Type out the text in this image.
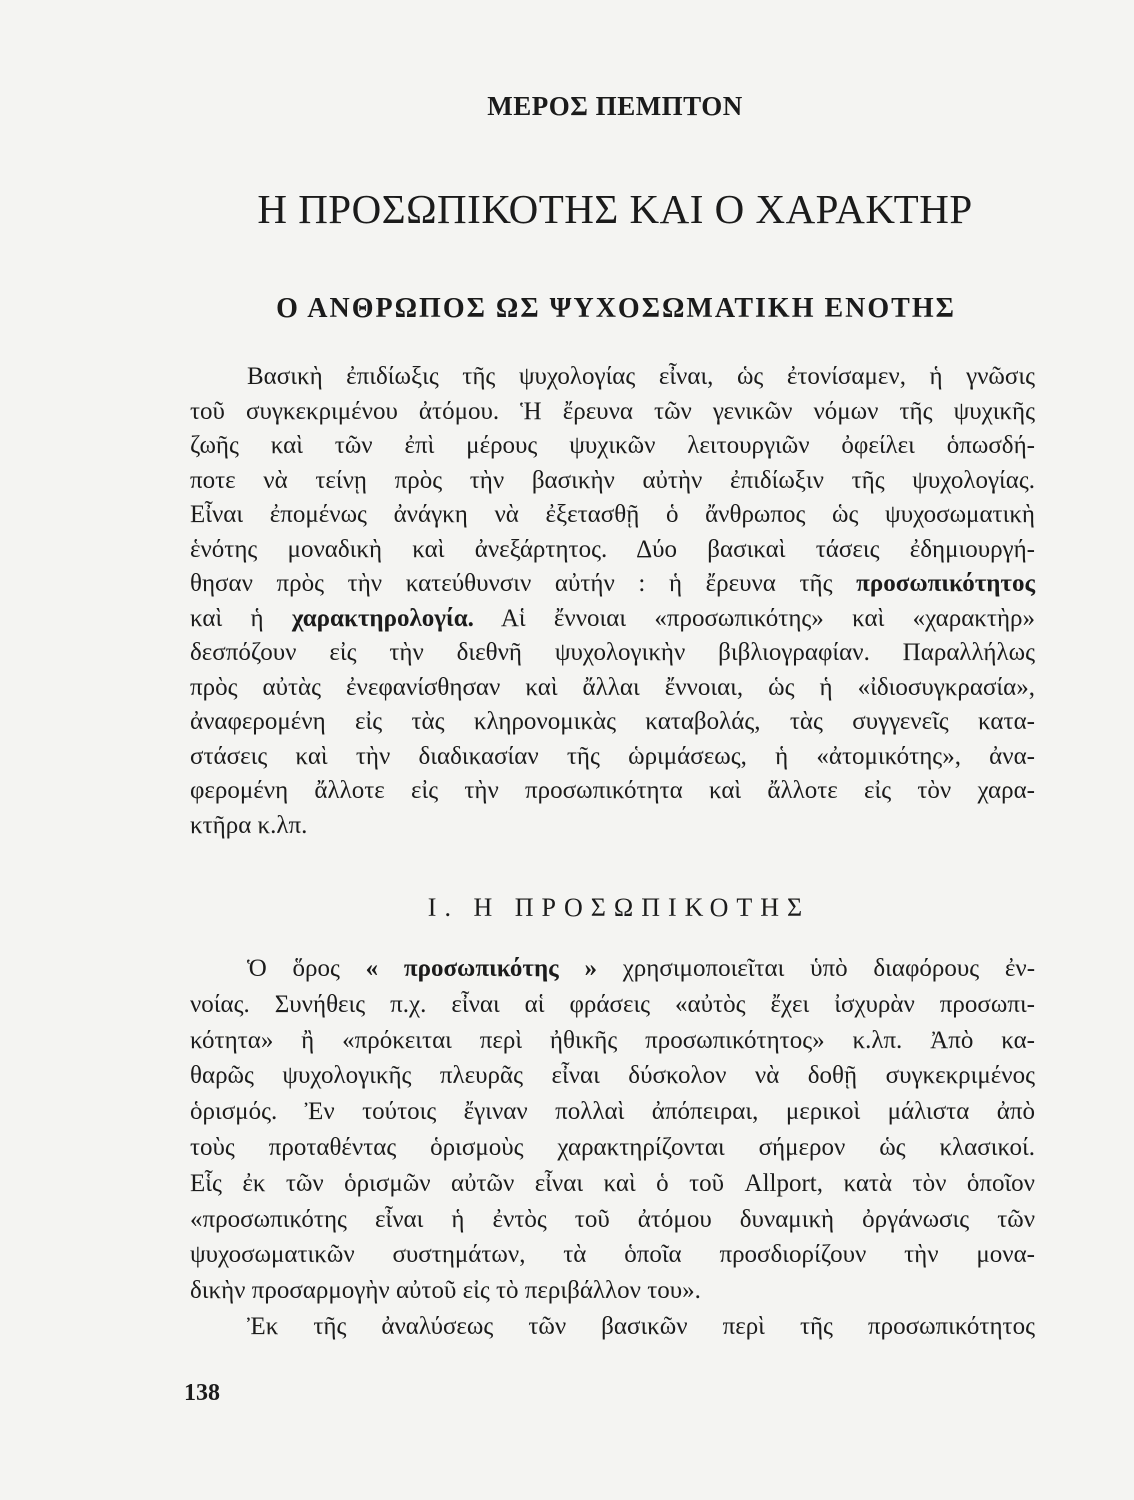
ΜΕΡΟΣ ΠΕΜΠΤΟΝ
Η ΠΡΟΣΩΠΙΚΟΤΗΣ ΚΑΙ Ο ΧΑΡΑΚΤΗΡ
Ο ΑΝΘΡΩΠΟΣ ΩΣ ΨΥΧΟΣΩΜΑΤΙΚΗ ΕΝΟΤΗΣ
Βασικὴ ἐπιδίωξις τῆς ψυχολογίας εἶναι, ὡς ἐτονίσαμεν, ἡ γνῶσις
τοῦ συγκεκριμένου ἀτόμου. Ἡ ἔρευνα τῶν γενικῶν νόμων τῆς ψυχικῆς
ζωῆς καὶ τῶν ἐπὶ μέρους ψυχικῶν λειτουργιῶν ὀφείλει ὁπωσδή-
ποτε νὰ τείνῃ πρὸς τὴν βασικὴν αὐτὴν ἐπιδίωξιν τῆς ψυχολογίας.
Εἶναι ἐπομένως ἀνάγκη νὰ ἐξετασθῇ ὁ ἄνθρωπος ὡς ψυχοσωματικὴ
ἑνότης μοναδικὴ καὶ ἀνεξάρτητος. Δύο βασικαὶ τάσεις ἐδημιουργή-
θησαν πρὸς τὴν κατεύθυνσιν αὐτήν : ἡ ἔρευνα τῆς προσωπικότητος
καὶ ἡ χαρακτηρολογία. Αἱ ἔννοιαι «προσωπικότης» καὶ «χαρακτὴρ»
δεσπόζουν εἰς τὴν διεθνῆ ψυχολογικὴν βιβλιογραφίαν. Παραλλήλως
πρὸς αὐτὰς ἐνεφανίσθησαν καὶ ἄλλαι ἔννοιαι, ὡς ἡ «ἰδιοσυγκρασία»,
ἀναφερομένη εἰς τὰς κληρονομικὰς καταβολάς, τὰς συγγενεῖς κατα-
στάσεις καὶ τὴν διαδικασίαν τῆς ὡριμάσεως, ἡ «ἀτομικότης», ἀνα-
φερομένη ἄλλοτε εἰς τὴν προσωπικότητα καὶ ἄλλοτε εἰς τὸν χαρα-
κτῆρα κ.λπ.
Ι. Η ΠΡΟΣΩΠΙΚΟΤΗΣ
Ὁ ὅρος « προσωπικότης » χρησιμοποιεῖται ὑπὸ διαφόρους ἐν-
νοίας. Συνήθεις π.χ. εἶναι αἱ φράσεις «αὐτὸς ἔχει ἰσχυρὰν προσωπι-
κότητα» ἢ «πρόκειται περὶ ἠθικῆς προσωπικότητος» κ.λπ. Ἀπὸ κα-
θαρῶς ψυχολογικῆς πλευρᾶς εἶναι δύσκολον νὰ δοθῇ συγκεκριμένος
ὁρισμός. Ἐν τούτοις ἔγιναν πολλαὶ ἀπόπειραι, μερικοὶ μάλιστα ἀπὸ
τοὺς προταθέντας ὁρισμοὺς χαρακτηρίζονται σήμερον ὡς κλασικοί.
Εἷς ἐκ τῶν ὁρισμῶν αὐτῶν εἶναι καὶ ὁ τοῦ Allport, κατὰ τὸν ὁποῖον
«προσωπικότης εἶναι ἡ ἐντὸς τοῦ ἀτόμου δυναμικὴ ὀργάνωσις τῶν
ψυχοσωματικῶν συστημάτων, τὰ ὁποῖα προσδιορίζουν τὴν μονα-
δικὴν προσαρμογὴν αὐτοῦ εἰς τὸ περιβάλλον του».
Ἐκ τῆς ἀναλύσεως τῶν βασικῶν περὶ τῆς προσωπικότητος
138
